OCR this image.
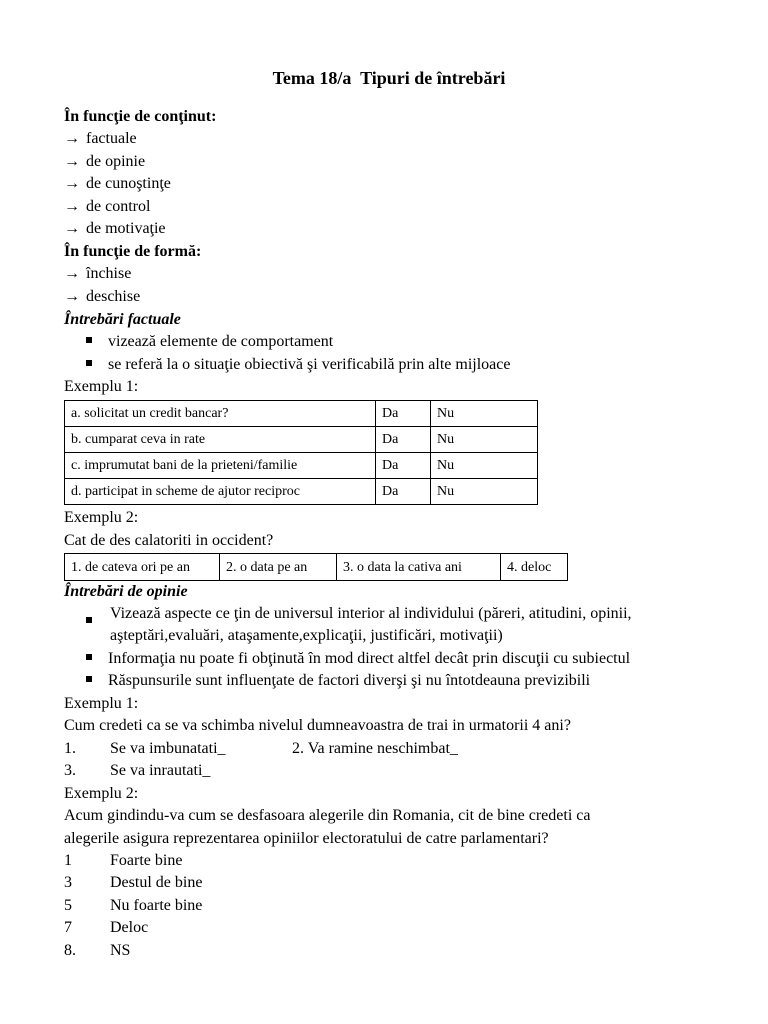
Tema 18/a  Tipuri de întrebări
În funcţie de conţinut:
→ factuale
→ de opinie
→ de cunoştinţe
→ de control
→ de motivaţie
În funcţie de formă:
→ închise
→ deschise
Întrebări factuale
vizează elemente de comportament
se referă la o situaţie obiectivă şi verificabilă prin alte mijloace
Exemplu 1:
a. solicitat un credit bancar?	Da	Nu
b. cumparat ceva in rate	Da	Nu
c. imprumutat bani de la prieteni/familie	Da	Nu
d. participat in scheme de ajutor reciproc	Da	Nu
Exemplu 2:
Cat de des calatoriti in occident?
1. de cateva ori pe an	2. o data pe an	3. o data la cativa ani	4. deloc
Întrebări de opinie
Vizează aspecte ce ţin de universul interior al individului (păreri, atitudini, opinii, aşteptări,evaluări, ataşamente,explicaţii, justificări, motivaţii)
Informaţia nu poate fi obţinută în mod direct altfel decât prin discuţii cu subiectul
Răspunsurile sunt influenţate de factori diverşi şi nu întotdeauna previzibili
Exemplu 1:
Cum credeti ca se va schimba nivelul dumneavoastra de trai in urmatorii 4 ani?
1. Se va imbunatati_	2. Va ramine neschimbat_
3. Se va inrautati_
Exemplu 2:
Acum gindindu-va cum se desfasoara alegerile din Romania, cit de bine credeti ca
alegerile asigura reprezentarea opiniilor electoratului de catre parlamentari?
1 Foarte bine
3 Destul de bine
5 Nu foarte bine
7 Deloc
8. NS
